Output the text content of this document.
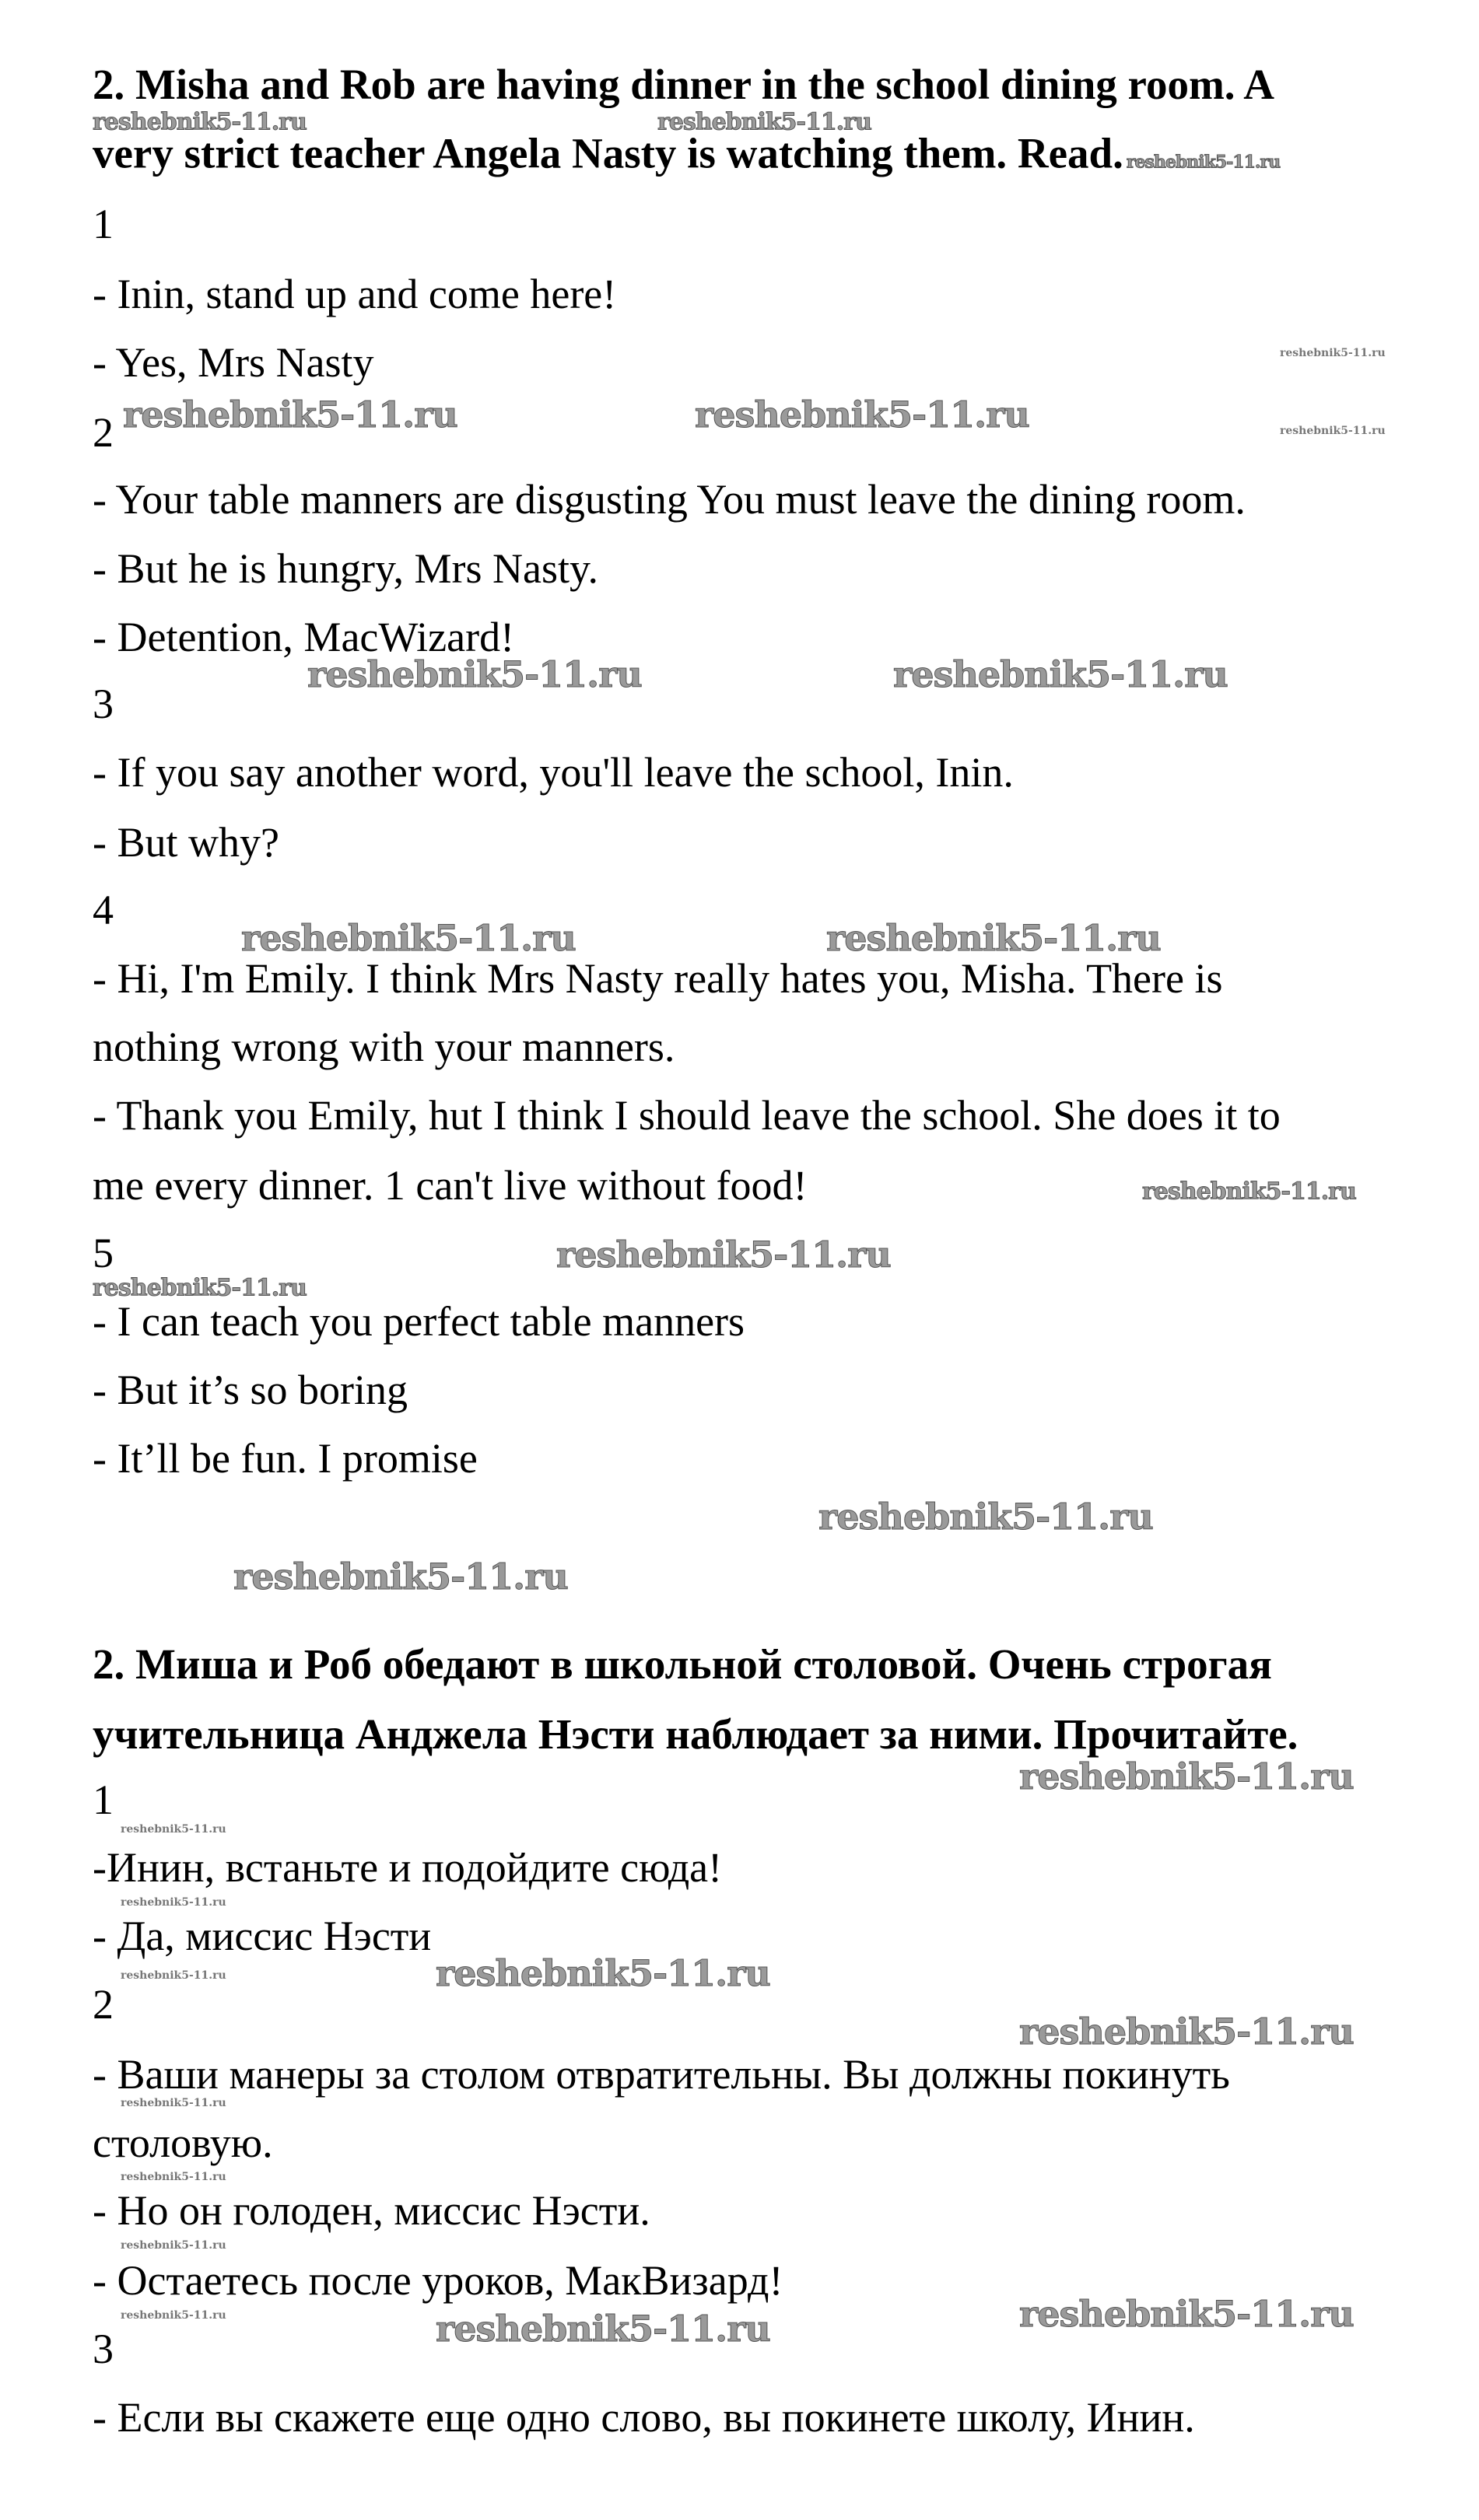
2. Misha and Rob are having dinner in the school dining room. A
very strict teacher Angela Nasty is watching them. Read. reshebnik5-11.ru
1
- Inin, stand up and come here!
- Yes, Mrs Nasty
2
- Your table manners are disgusting You must leave the dining room.
- But he is hungry, Mrs Nasty.
- Detention, MacWizard!
3
- If you say another word, you'll leave the school, Inin.
- But why?
4
- Hi, I'm Emily. I think Mrs Nasty really hates you, Misha. There is
nothing wrong with your manners.
- Thank you Emily, hut I think I should leave the school. She does it to
me every dinner. 1 can't live without food!
5
- I can teach you perfect table manners
- But it’s so boring
- It’ll be fun. I promise
2. Миша и Роб обедают в школьной столовой. Очень строгая
учительница Анджела Нэсти наблюдает за ними. Прочитайте.
1
-Инин, встаньте и подойдите сюда!
- Да, миссис Нэсти
2
- Ваши манеры за столом отвратительны. Вы должны покинуть
столовую.
- Но он голоден, миссис Нэсти.
- Остаетесь после уроков, МакВизард!
3
- Если вы скажете еще одно слово, вы покинете школу, Инин.
reshebnik5-11.ru	reshebnik5-11.ru
reshebnik5-11.ru
reshebnik5-11.ru
reshebnik5-11.ru	reshebnik5-11.ru
reshebnik5-11.ru	reshebnik5-11.ru
reshebnik5-11.ru	reshebnik5-11.ru
reshebnik5-11.ru
reshebnik5-11.ru
reshebnik5-11.ru
reshebnik5-11.ru
reshebnik5-11.ru
reshebnik5-11.ru
reshebnik5-11.ru
reshebnik5-11.ru
reshebnik5-11.ru
reshebnik5-11.ru
reshebnik5-11.ru
reshebnik5-11.ru
reshebnik5-11.ru
reshebnik5-11.ru
reshebnik5-11.ru
reshebnik5-11.ru	reshebnik5-11.ru
